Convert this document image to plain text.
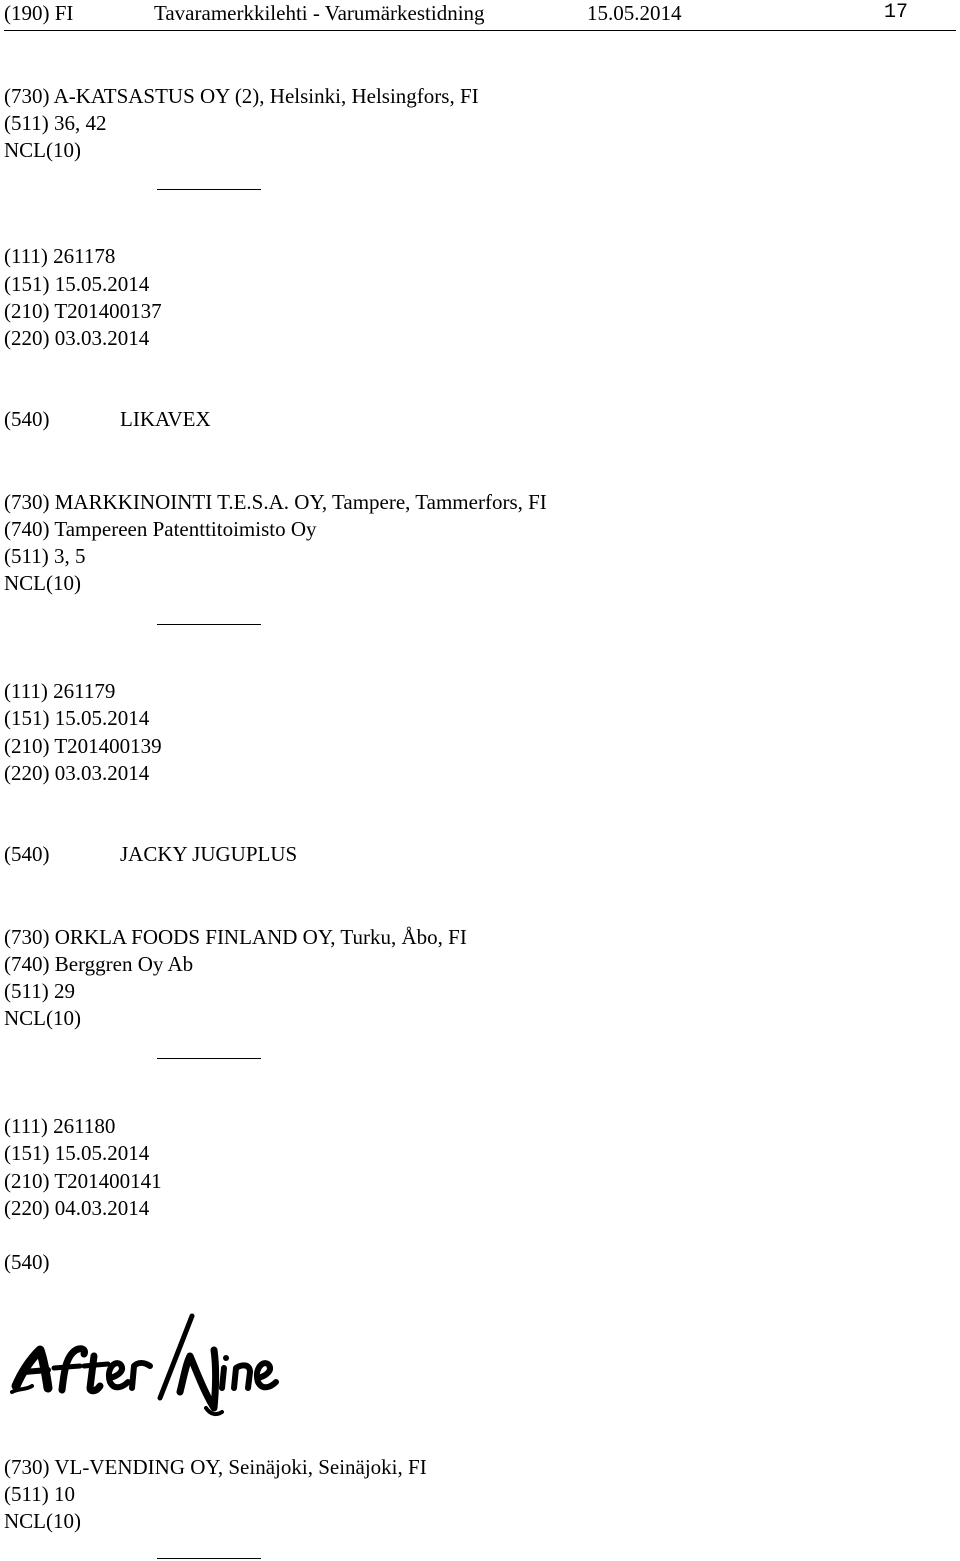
(190) FI	Tavaramerkkilehti - Varumärkestidning	15.05.2014	17
(730) A-KATSASTUS OY (2), Helsinki, Helsingfors, FI
(511) 36, 42
NCL(10)
(111) 261178
(151) 15.05.2014
(210) T201400137
(220) 03.03.2014
(540)	LIKAVEX
(730) MARKKINOINTI T.E.S.A. OY, Tampere, Tammerfors, FI
(740) Tampereen Patenttitoimisto Oy
(511) 3, 5
NCL(10)
(111) 261179
(151) 15.05.2014
(210) T201400139
(220) 03.03.2014
(540)	JACKY JUGUPLUS
(730) ORKLA FOODS FINLAND OY, Turku, Åbo, FI
(740) Berggren Oy Ab
(511) 29
NCL(10)
(111) 261180
(151) 15.05.2014
(210) T201400141
(220) 04.03.2014
(540)
(730) VL-VENDING OY, Seinäjoki, Seinäjoki, FI
(511) 10
NCL(10)
